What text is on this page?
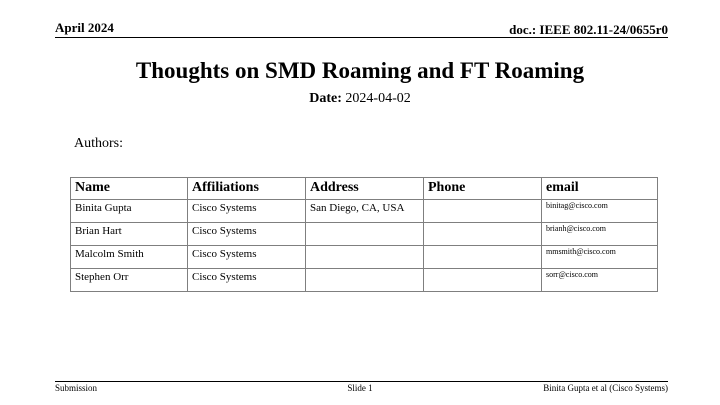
April 2024	doc.: IEEE 802.11-24/0655r0
Thoughts on SMD Roaming and FT Roaming
Date: 2024-04-02
Authors:
Name	Affiliations	Address	Phone	email
Binita Gupta	Cisco Systems	San Diego, CA, USA		binitag@cisco.com
Brian Hart	Cisco Systems			brianh@cisco.com
Malcolm Smith	Cisco Systems			mmsmith@cisco.com
Stephen Orr	Cisco Systems			sorr@cisco.com
Submission	Slide 1	Binita Gupta et al (Cisco Systems)
